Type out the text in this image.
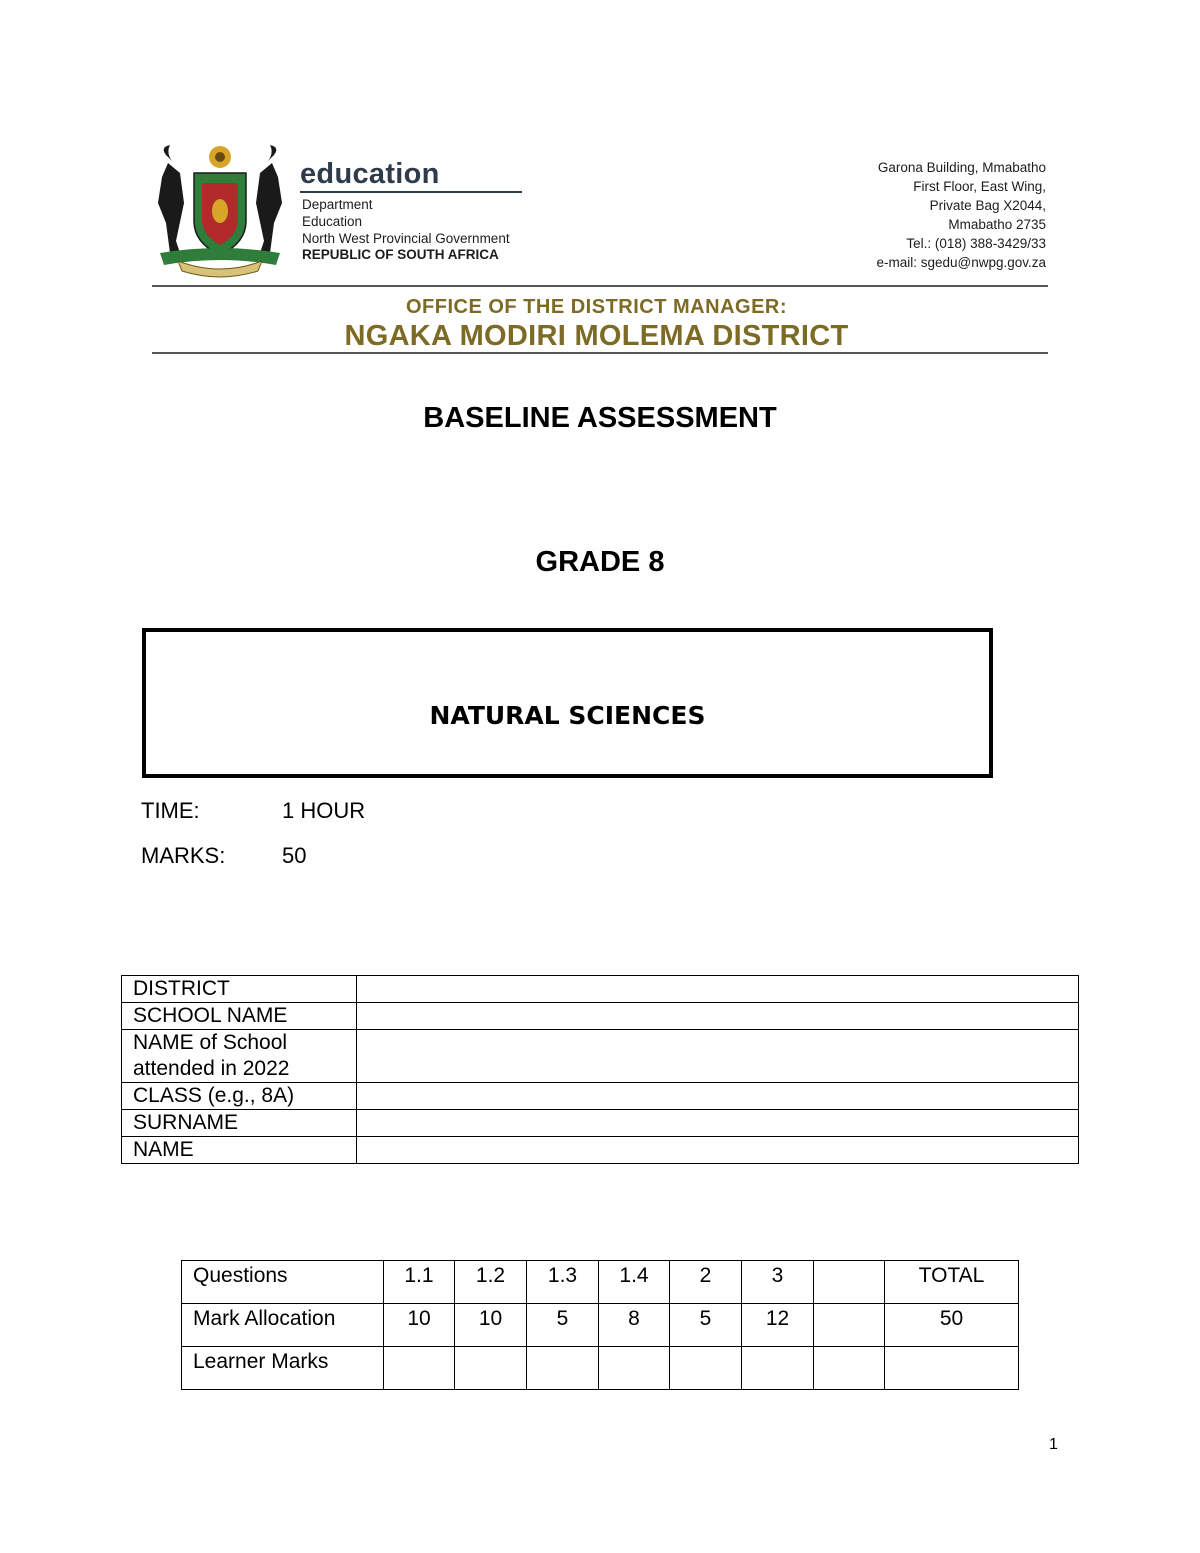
education
Department
Education
North West Provincial Government
REPUBLIC OF SOUTH AFRICA
Garona Building, Mmabatho
First Floor, East Wing,
Private Bag X2044,
Mmabatho 2735
Tel.: (018) 388-3429/33
e-mail: sgedu@nwpg.gov.za
OFFICE OF THE DISTRICT MANAGER:
NGAKA MODIRI MOLEMA DISTRICT
BASELINE ASSESSMENT
GRADE 8
NATURAL SCIENCES
TIME:	1 HOUR
MARKS:	50
DISTRICT	
SCHOOL NAME	
NAME of School attended in 2022	
CLASS (e.g., 8A)	
SURNAME	
NAME	
Questions	1.1	1.2	1.3	1.4	2	3		TOTAL
Mark Allocation	10	10	5	8	5	12		50
Learner Marks								
1
